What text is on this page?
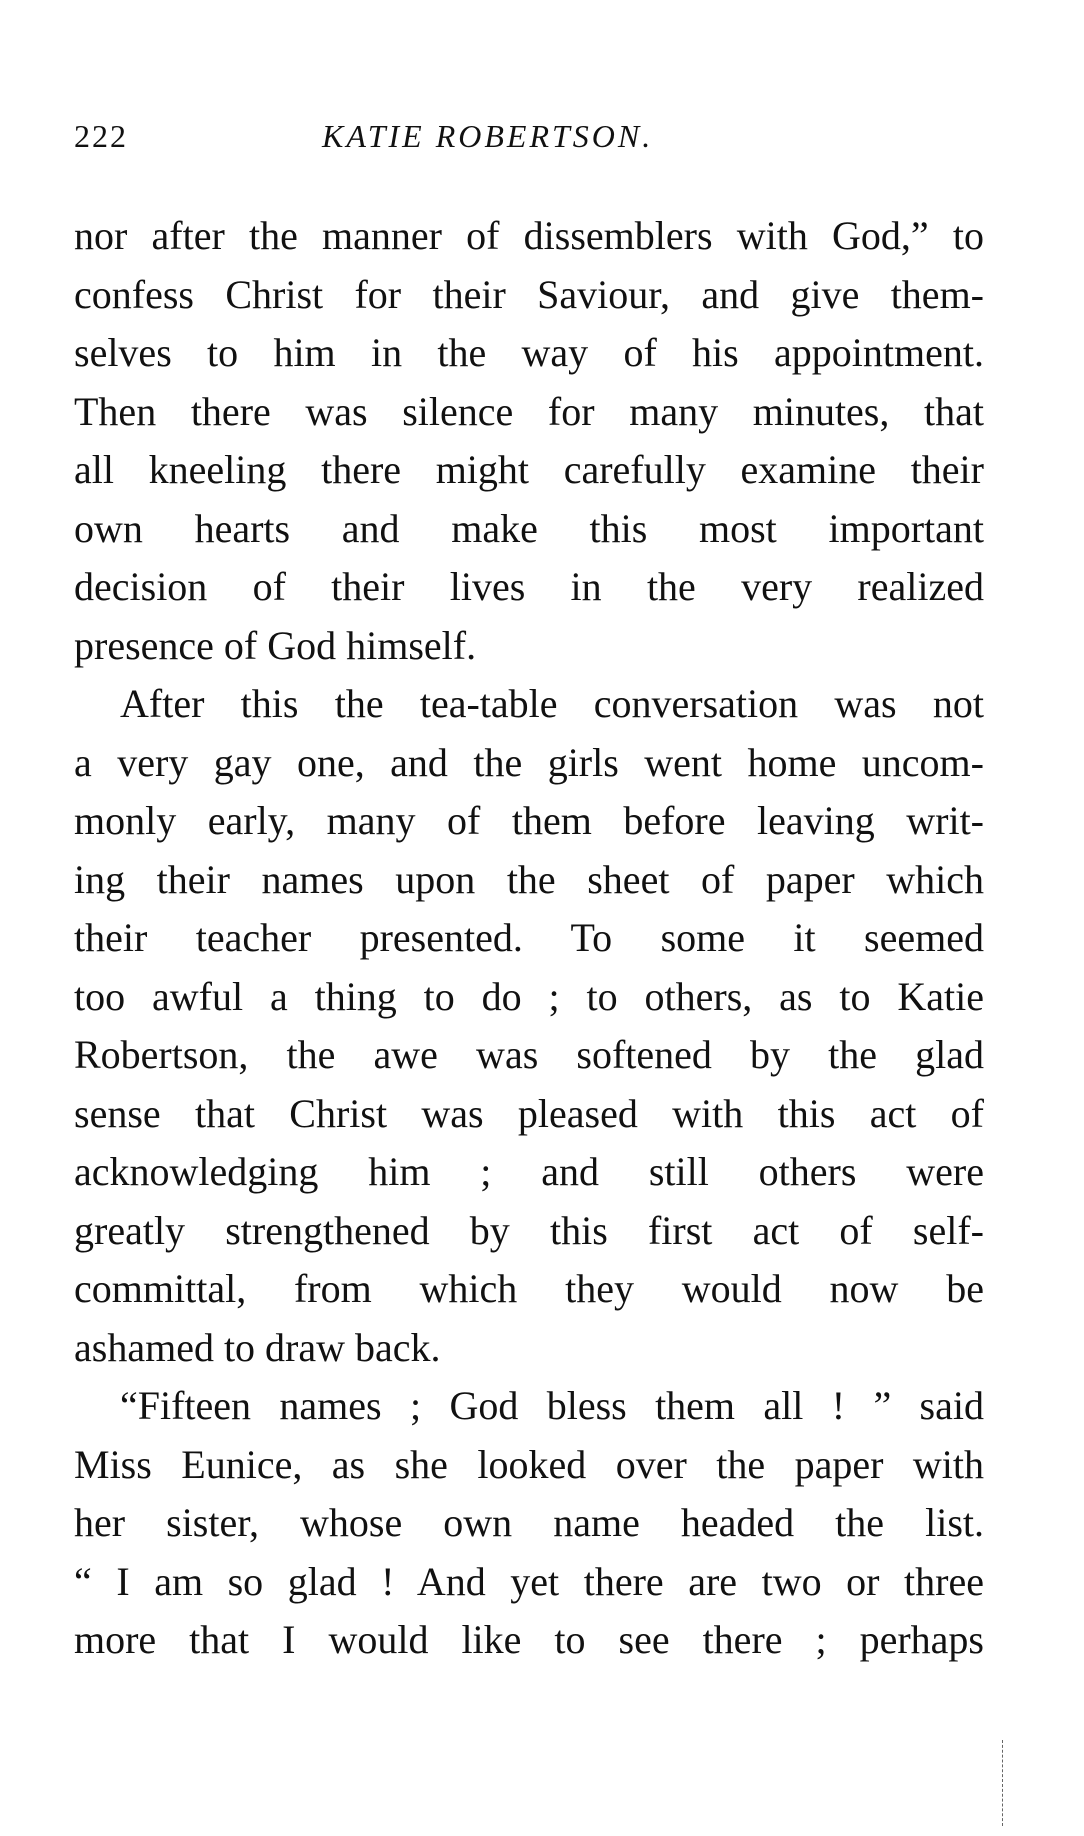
222	KATIE ROBERTSON.
nor after the manner of dissemblers with God,” to
confess Christ for their Saviour, and give them-
selves to him in the way of his appointment.
Then there was silence for many minutes, that
all kneeling there might carefully examine their
own hearts and make this most important
decision of their lives in the very realized
presence of God himself.
After this the tea-table conversation was not
a very gay one, and the girls went home uncom-
monly early, many of them before leaving writ-
ing their names upon the sheet of paper which
their teacher presented. To some it seemed
too awful a thing to do ; to others, as to Katie
Robertson, the awe was softened by the glad
sense that Christ was pleased with this act of
acknowledging him ; and still others were
greatly strengthened by this first act of self-
committal, from which they would now be
ashamed to draw back.
“Fifteen names ; God bless them all ! ” said
Miss Eunice, as she looked over the paper with
her sister, whose own name headed the list.
“ I am so glad ! And yet there are two or three
more that I would like to see there ; perhaps
